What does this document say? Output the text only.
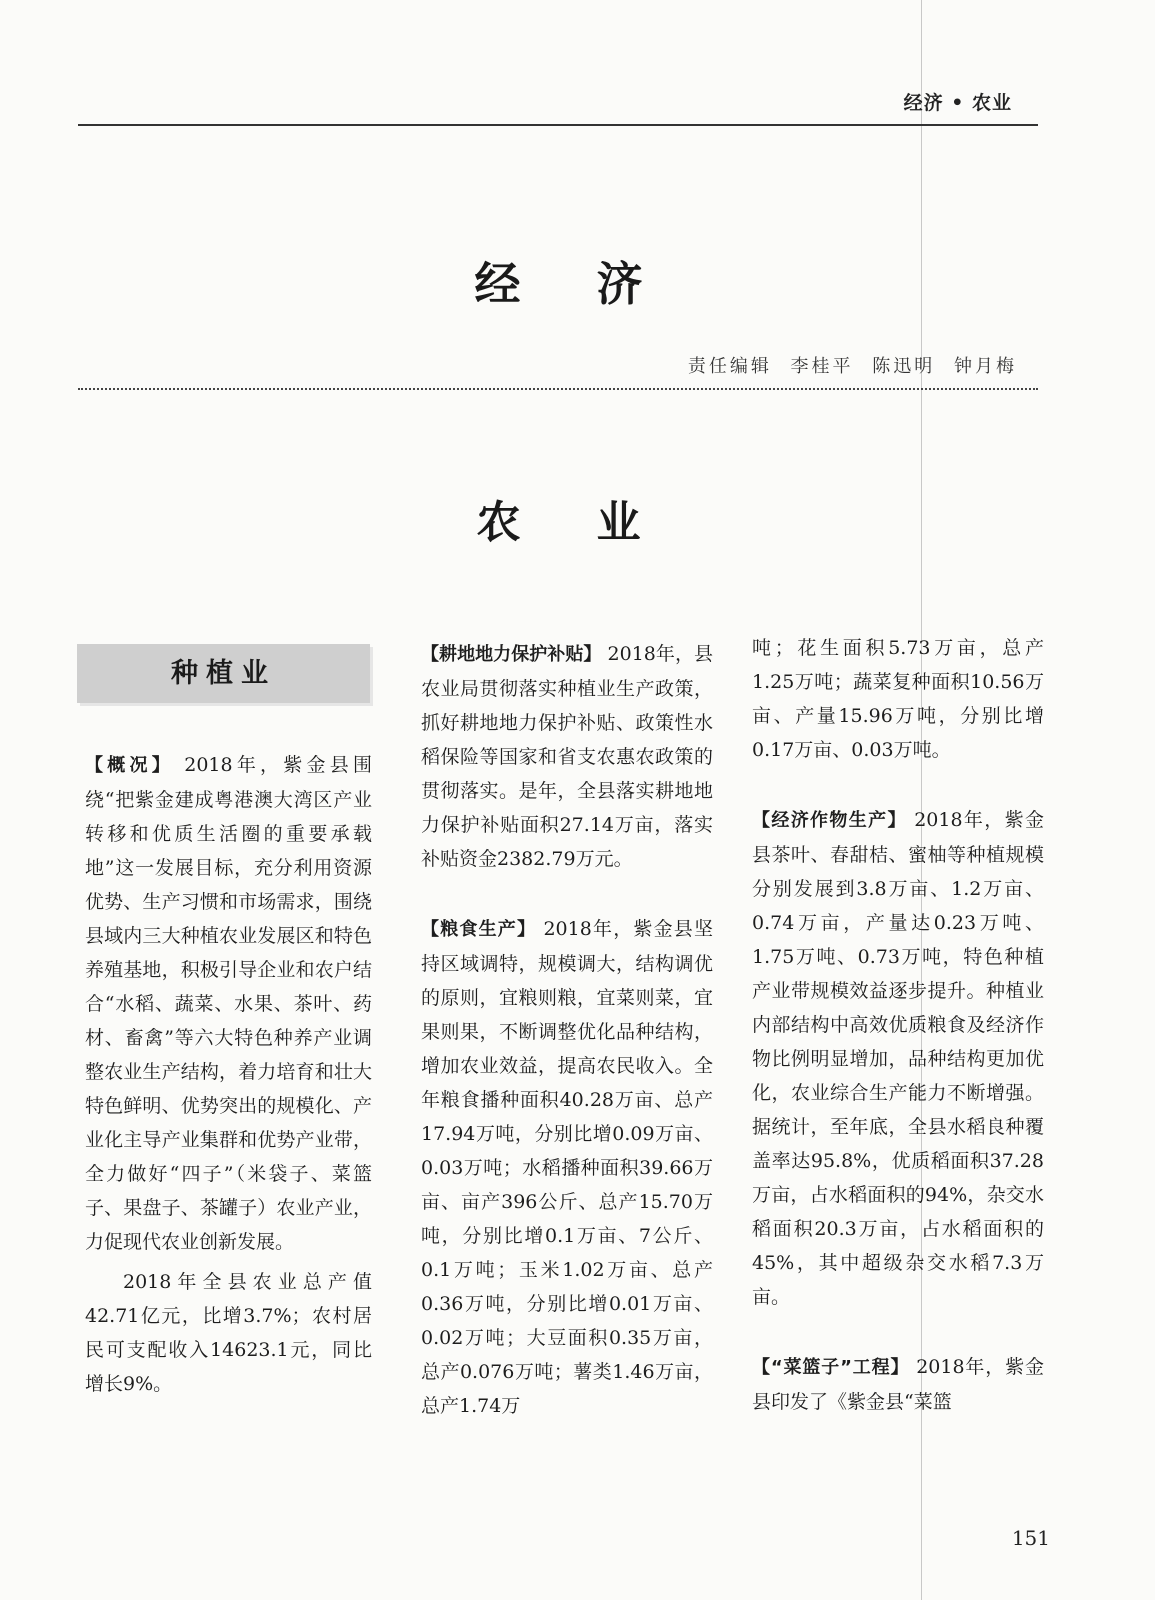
经济 • 农业
经济
责任编辑 李桂平 陈迅明 钟月梅
农业
种植业

【概况】 2018年，紫金县围绕“把紫金建成粤港澳大湾区产业转移和优质生活圈的重要承载地”这一发展目标，充分利用资源优势、生产习惯和市场需求，围绕县域内三大种植农业发展区和特色养殖基地，积极引导企业和农户结合“水稻、蔬菜、水果、茶叶、药材、畜禽”等六大特色种养产业调整农业生产结构，着力培育和壮大特色鲜明、优势突出的规模化、产业化主导产业集群和优势产业带，全力做好“四子”（米袋子、菜篮子、果盘子、茶罐子）农业产业，力促现代农业创新发展。

2018年全县农业总产值42.71亿元，比增3.7%；农村居民可支配收入14623.1元，同比增长9%。

【耕地地力保护补贴】 2018年，县农业局贯彻落实种植业生产政策，抓好耕地地力保护补贴、政策性水稻保险等国家和省支农惠农政策的贯彻落实。是年，全县落实耕地地力保护补贴面积27.14万亩，落实补贴资金2382.79万元。

【粮食生产】 2018年，紫金县坚持区域调特，规模调大，结构调优的原则，宜粮则粮，宜菜则菜，宜果则果，不断调整优化品种结构，增加农业效益，提高农民收入。全年粮食播种面积40.28万亩、总产17.94万吨，分别比增0.09万亩、0.03万吨；水稻播种面积39.66万亩、亩产396公斤、总产15.70万吨，分别比增0.1万亩、7公斤、0.1万吨；玉米1.02万亩、总产0.36万吨，分别比增0.01万亩、0.02万吨；大豆面积0.35万亩，总产0.076万吨；薯类1.46万亩，总产1.74万

吨；花生面积5.73万亩，总产1.25万吨；蔬菜复种面积10.56万亩、产量15.96万吨，分别比增0.17万亩、0.03万吨。

【经济作物生产】 2018年，紫金县茶叶、春甜桔、蜜柚等种植规模分别发展到3.8万亩、1.2万亩、0.74万亩，产量达0.23万吨、1.75万吨、0.73万吨，特色种植产业带规模效益逐步提升。种植业内部结构中高效优质粮食及经济作物比例明显增加，品种结构更加优化，农业综合生产能力不断增强。据统计，至年底，全县水稻良种覆盖率达95.8%，优质稻面积37.28万亩，占水稻面积的94%，杂交水稻面积20.3万亩，占水稻面积的45%，其中超级杂交水稻7.3万亩。

【“菜篮子”工程】 2018年，紫金县印发了《紫金县“菜篮

151
